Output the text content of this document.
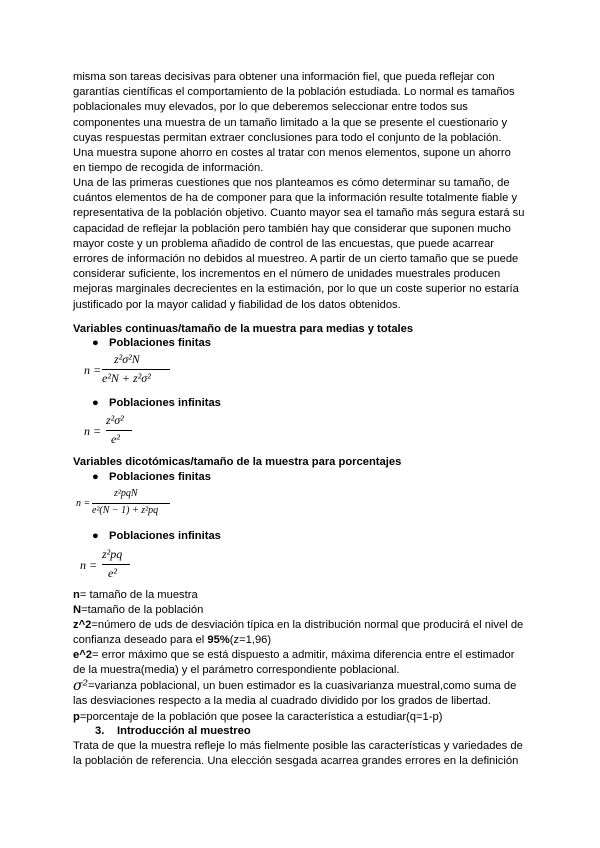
misma son tareas decisivas para obtener una información fiel, que pueda reflejar con garantías científicas el comportamiento de la población estudiada. Lo normal es tamaños poblacionales muy elevados, por lo que deberemos seleccionar entre todos sus componentes una muestra de un tamaño limitado a la que se presente el cuestionario y cuyas respuestas permitan extraer conclusiones para todo el conjunto de la población. Una muestra supone ahorro en costes al tratar con menos elementos, supone un ahorro en tiempo de recogida de información.

Una de las primeras cuestiones que nos planteamos es cómo determinar su tamaño, de cuántos elementos de ha de componer para que la información resulte totalmente fiable y representativa de la población objetivo. Cuanto mayor sea el tamaño más segura estará su capacidad de reflejar la población pero también hay que considerar que suponen mucho mayor coste y un problema añadido de control de las encuestas, que puede acarrear errores de información no debidos al muestreo. A partir de un cierto tamaño que se puede considerar suficiente, los incrementos en el número de unidades muestrales producen mejoras marginales decrecientes en la estimación, por lo que un coste superior no estaría justificado por la mayor calidad y fiabilidad de los datos obtenidos.

Variables continuas/tamaño de la muestra para medias y totales
● Poblaciones finitas
n =
z²σ²N
e²N + z²σ²
● Poblaciones infinitas
n =
z²σ²
e²
Variables dicotómicas/tamaño de la muestra para porcentajes
● Poblaciones finitas
n =
z²pqN
e²(N − 1) + z²pq
● Poblaciones infinitas
n =
z²pq
e²

n= tamaño de la muestra

N=tamaño de la población

z^2=número de uds de desviación típica en la distribución normal que producirá el nivel de confianza deseado para el 95%(z=1,96)

e^2= error máximo que se está dispuesto a admitir, máxima diferencia entre el estimador de la muestra(media) y el parámetro correspondiente poblacional.

σ²=varianza poblacional, un buen estimador es la cuasivarianza muestral,como suma de las desviaciones respecto a la media al cuadrado dividido por los grados de libertad.

p=porcentaje de la población que posee la característica a estudiar(q=1-p)

3. Introducción al muestreo

Trata de que la muestra refleje lo más fielmente posible las características y variedades de la población de referencia. Una elección sesgada acarrea grandes errores en la definición
